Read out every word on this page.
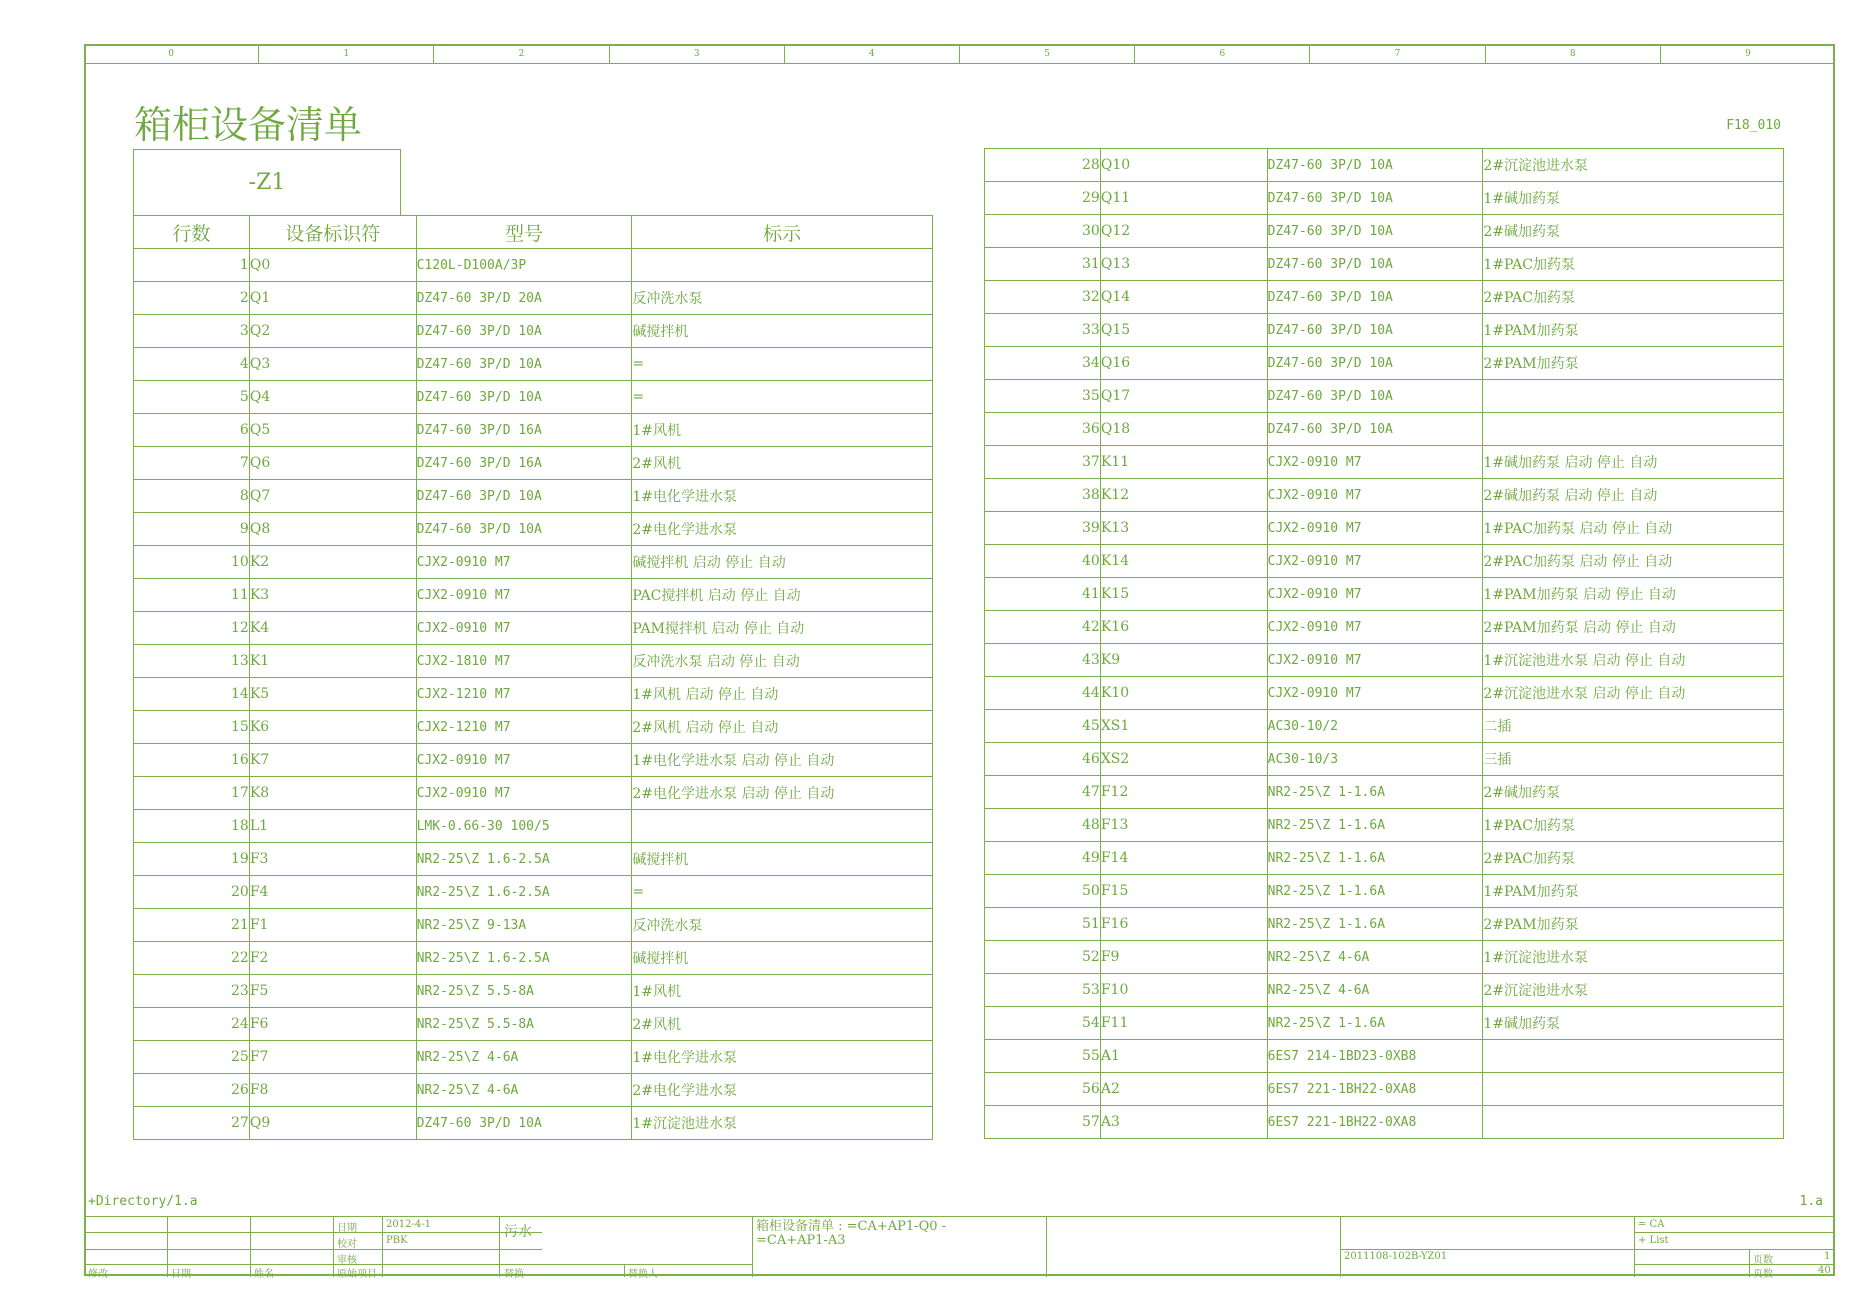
0	1	2	3	4	5	6	7	8	9
箱柜设备清单	F18_010
-Z1
行数	设备标识符	型号	标示
1	Q0	C120L-D100A/3P	
2	Q1	DZ47-60 3P/D 20A	反冲洗水泵
3	Q2	DZ47-60 3P/D 10A	碱搅拌机
4	Q3	DZ47-60 3P/D 10A	=
5	Q4	DZ47-60 3P/D 10A	=
6	Q5	DZ47-60 3P/D 16A	1#风机
7	Q6	DZ47-60 3P/D 16A	2#风机
8	Q7	DZ47-60 3P/D 10A	1#电化学进水泵
9	Q8	DZ47-60 3P/D 10A	2#电化学进水泵
10	K2	CJX2-0910 M7	碱搅拌机 启动 停止 自动
11	K3	CJX2-0910 M7	PAC搅拌机 启动 停止 自动
12	K4	CJX2-0910 M7	PAM搅拌机 启动 停止 自动
13	K1	CJX2-1810 M7	反冲洗水泵 启动 停止 自动
14	K5	CJX2-1210 M7	1#风机 启动 停止 自动
15	K6	CJX2-1210 M7	2#风机 启动 停止 自动
16	K7	CJX2-0910 M7	1#电化学进水泵 启动 停止 自动
17	K8	CJX2-0910 M7	2#电化学进水泵 启动 停止 自动
18	L1	LMK-0.66-30 100/5	
19	F3	NR2-25\Z 1.6-2.5A	碱搅拌机
20	F4	NR2-25\Z 1.6-2.5A	=
21	F1	NR2-25\Z 9-13A	反冲洗水泵
22	F2	NR2-25\Z 1.6-2.5A	碱搅拌机
23	F5	NR2-25\Z 5.5-8A	1#风机
24	F6	NR2-25\Z 5.5-8A	2#风机
25	F7	NR2-25\Z 4-6A	1#电化学进水泵
26	F8	NR2-25\Z 4-6A	2#电化学进水泵
27	Q9	DZ47-60 3P/D 10A	1#沉淀池进水泵
28	Q10	DZ47-60 3P/D 10A	2#沉淀池进水泵
29	Q11	DZ47-60 3P/D 10A	1#碱加药泵
30	Q12	DZ47-60 3P/D 10A	2#碱加药泵
31	Q13	DZ47-60 3P/D 10A	1#PAC加药泵
32	Q14	DZ47-60 3P/D 10A	2#PAC加药泵
33	Q15	DZ47-60 3P/D 10A	1#PAM加药泵
34	Q16	DZ47-60 3P/D 10A	2#PAM加药泵
35	Q17	DZ47-60 3P/D 10A	
36	Q18	DZ47-60 3P/D 10A	
37	K11	CJX2-0910 M7	1#碱加药泵 启动 停止 自动
38	K12	CJX2-0910 M7	2#碱加药泵 启动 停止 自动
39	K13	CJX2-0910 M7	1#PAC加药泵 启动 停止 自动
40	K14	CJX2-0910 M7	2#PAC加药泵 启动 停止 自动
41	K15	CJX2-0910 M7	1#PAM加药泵 启动 停止 自动
42	K16	CJX2-0910 M7	2#PAM加药泵 启动 停止 自动
43	K9	CJX2-0910 M7	1#沉淀池进水泵 启动 停止 自动
44	K10	CJX2-0910 M7	2#沉淀池进水泵 启动 停止 自动
45	XS1	AC30-10/2	二插
46	XS2	AC30-10/3	三插
47	F12	NR2-25\Z 1-1.6A	2#碱加药泵
48	F13	NR2-25\Z 1-1.6A	1#PAC加药泵
49	F14	NR2-25\Z 1-1.6A	2#PAC加药泵
50	F15	NR2-25\Z 1-1.6A	1#PAM加药泵
51	F16	NR2-25\Z 1-1.6A	2#PAM加药泵
52	F9	NR2-25\Z 4-6A	1#沉淀池进水泵
53	F10	NR2-25\Z 4-6A	2#沉淀池进水泵
54	F11	NR2-25\Z 1-1.6A	1#碱加药泵
55	A1	6ES7 214-1BD23-0XB8	
56	A2	6ES7 221-1BH22-0XA8	
57	A3	6ES7 221-1BH22-0XA8	
+Directory/1.a	1.a
修改	日期	姓名
日期	2012-4-1
校对	PBK
审核
原始项目
污水
替换	替换人
箱柜设备清单 : =CA+AP1-Q0 - =CA+AP1-A3
2011108-102B-YZ01
= CA
+ List
页数	1
页数	40
